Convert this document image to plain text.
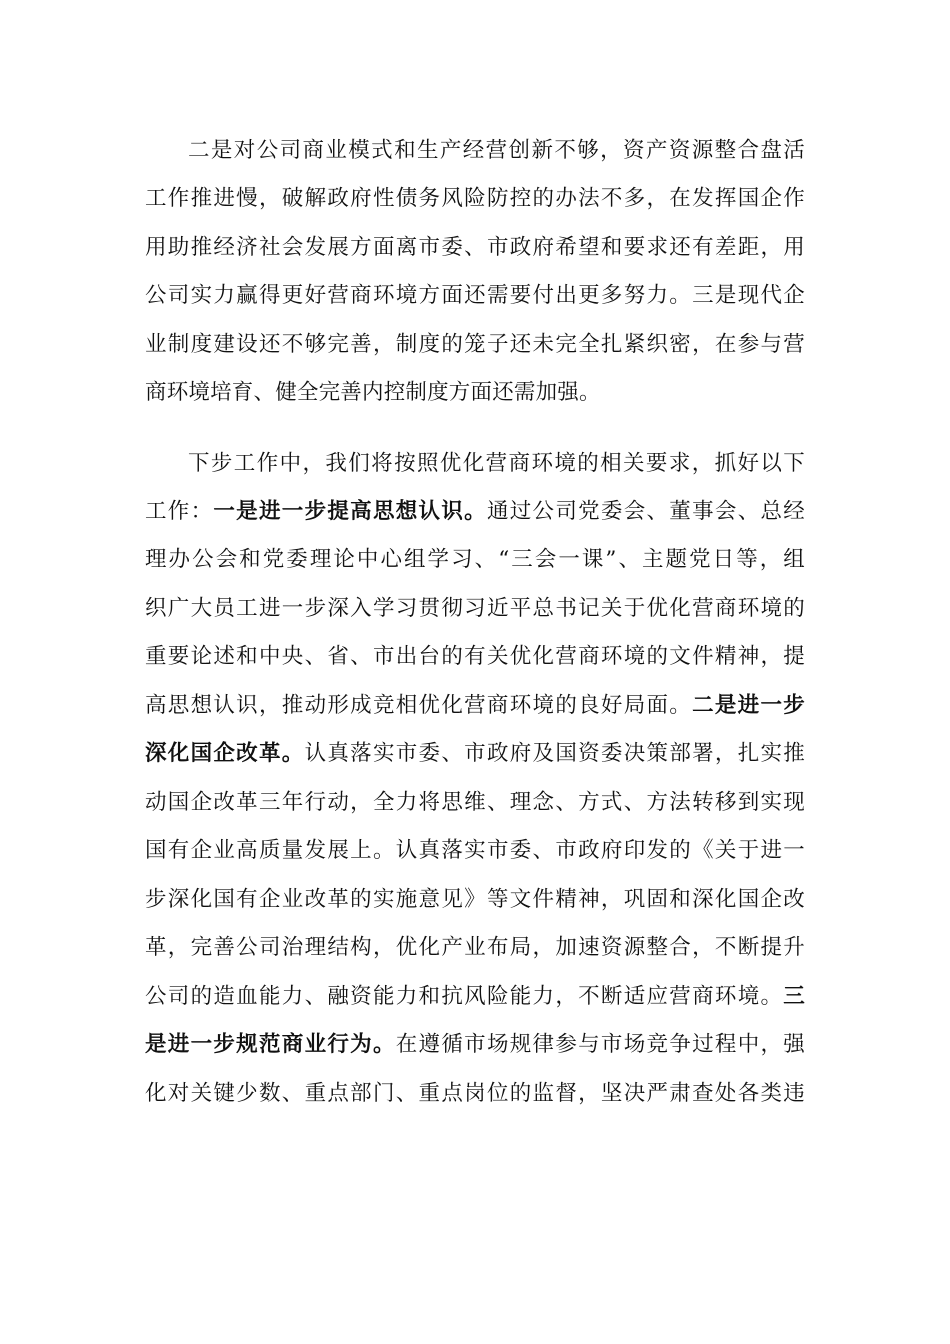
二是对公司商业模式和生产经营创新不够，资产资源整合盘活
工作推进慢，破解政府性债务风险防控的办法不多，在发挥国企作
用助推经济社会发展方面离市委、市政府希望和要求还有差距，用
公司实力赢得更好营商环境方面还需要付出更多努力。三是现代企
业制度建设还不够完善，制度的笼子还未完全扎紧织密，在参与营
商环境培育、健全完善内控制度方面还需加强。
下步工作中，我们将按照优化营商环境的相关要求，抓好以下
工作：一是进一步提高思想认识。通过公司党委会、董事会、总经
理办公会和党委理论中心组学习、“三会一课”、主题党日等，组
织广大员工进一步深入学习贯彻习近平总书记关于优化营商环境的
重要论述和中央、省、市出台的有关优化营商环境的文件精神，提
高思想认识，推动形成竞相优化营商环境的良好局面。二是进一步
深化国企改革。认真落实市委、市政府及国资委决策部署，扎实推
动国企改革三年行动，全力将思维、理念、方式、方法转移到实现
国有企业高质量发展上。认真落实市委、市政府印发的《关于进一
步深化国有企业改革的实施意见》等文件精神，巩固和深化国企改
革，完善公司治理结构，优化产业布局，加速资源整合，不断提升
公司的造血能力、融资能力和抗风险能力，不断适应营商环境。三
是进一步规范商业行为。在遵循市场规律参与市场竞争过程中，强
化对关键少数、重点部门、重点岗位的监督，坚决严肃查处各类违
